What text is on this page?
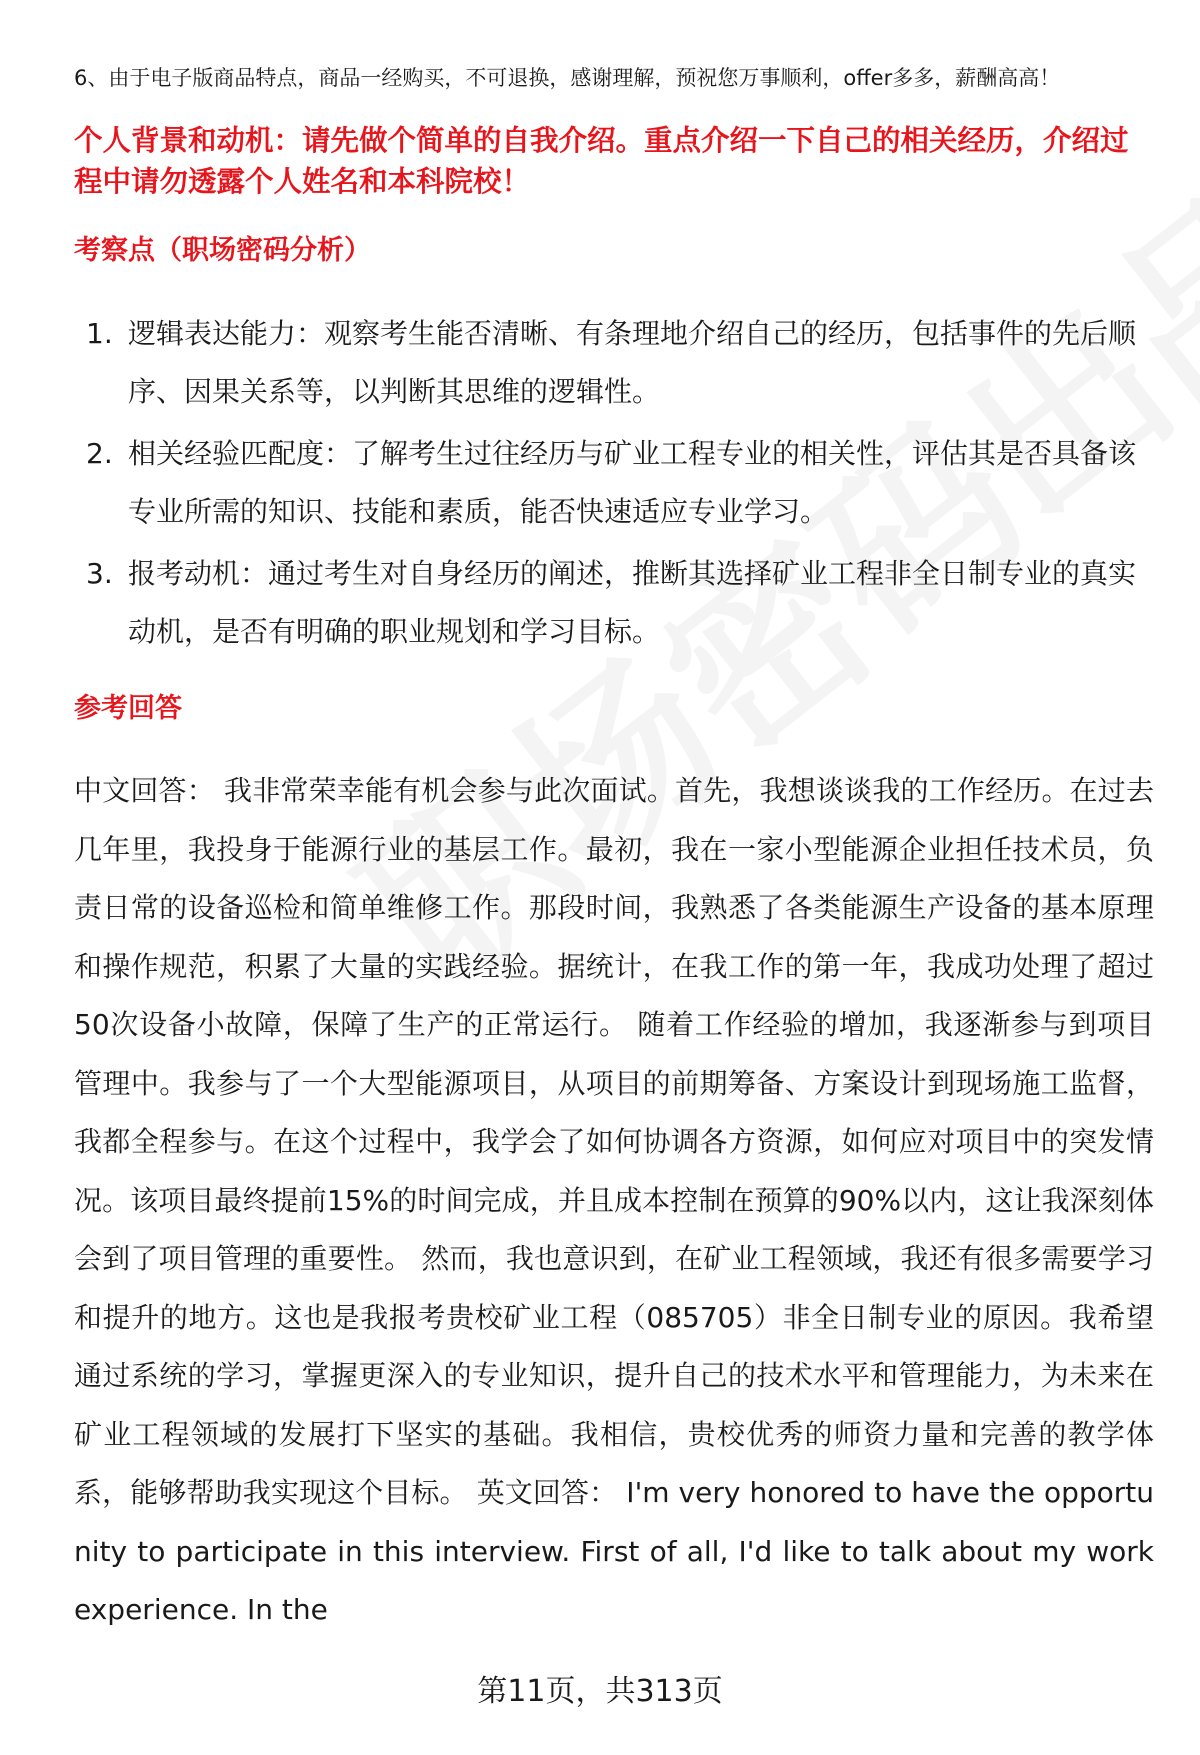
6、由于电子版商品特点，商品一经购买，不可退换，感谢理解，预祝您万事顺利，offer多多，薪酬高高！
个人背景和动机：请先做个简单的自我介绍。重点介绍一下自己的相关经历，介绍过程中请勿透露个人姓名和本科院校！
考察点（职场密码分析）
1. 逻辑表达能力：观察考生能否清晰、有条理地介绍自己的经历，包括事件的先后顺序、因果关系等，以判断其思维的逻辑性。
2. 相关经验匹配度：了解考生过往经历与矿业工程专业的相关性，评估其是否具备该专业所需的知识、技能和素质，能否快速适应专业学习。
3. 报考动机：通过考生对自身经历的阐述，推断其选择矿业工程非全日制专业的真实动机，是否有明确的职业规划和学习目标。
参考回答
中文回答： 我非常荣幸能有机会参与此次面试。首先，我想谈谈我的工作经历。在过去几年里，我投身于能源行业的基层工作。最初，我在一家小型能源企业担任技术员，负责日常的设备巡检和简单维修工作。那段时间，我熟悉了各类能源生产设备的基本原理和操作规范，积累了大量的实践经验。据统计，在我工作的第一年，我成功处理了超过50次设备小故障，保障了生产的正常运行。 随着工作经验的增加，我逐渐参与到项目管理中。我参与了一个大型能源项目，从项目的前期筹备、方案设计到现场施工监督，我都全程参与。在这个过程中，我学会了如何协调各方资源，如何应对项目中的突发情况。该项目最终提前15%的时间完成，并且成本控制在预算的90%以内，这让我深刻体会到了项目管理的重要性。 然而，我也意识到，在矿业工程领域，我还有很多需要学习和提升的地方。这也是我报考贵校矿业工程（085705）非全日制专业的原因。我希望通过系统的学习，掌握更深入的专业知识，提升自己的技术水平和管理能力，为未来在矿业工程领域的发展打下坚实的基础。我相信，贵校优秀的师资力量和完善的教学体系，能够帮助我实现这个目标。 英文回答： I'm very honored to have the opportunity to participate in this interview. First of all, I'd like to talk about my work experience. In the
第11页，共313页
